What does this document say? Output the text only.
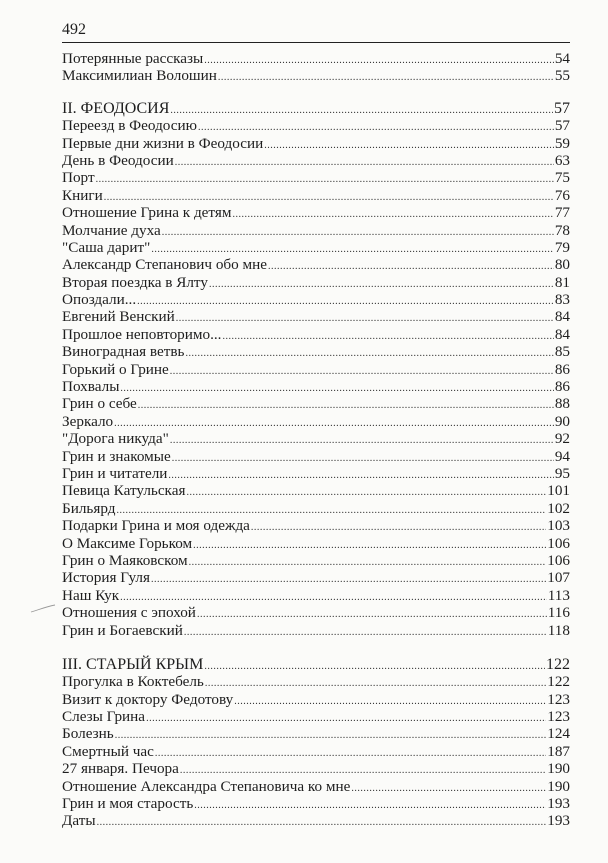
492
Потерянные рассказы .....	54
Максимилиан Волошин .....	55
II. ФЕОДОСИЯ .....	57
Переезд в Феодосию .....	57
Первые дни жизни в Феодосии .....	59
День в Феодосии .....	63
Порт .....	75
Книги .....	76
Отношение Грина к детям .....	77
Молчание духа .....	78
"Саша дарит" .....	79
Александр Степанович обо мне .....	80
Вторая поездка в Ялту .....	81
Опоздали... .....	83
Евгений Венский .....	84
Прошлое неповторимо... .....	84
Виноградная ветвь .....	85
Горький о Грине .....	86
Похвалы .....	86
Грин о себе .....	88
Зеркало .....	90
"Дорога никуда" .....	92
Грин и знакомые .....	94
Грин и читатели .....	95
Певица Катульская .....	101
Бильярд .....	102
Подарки Грина и моя одежда .....	103
О Максиме Горьком .....	106
Грин о Маяковском .....	106
История Гуля .....	107
Наш Кук .....	113
Отношения с эпохой .....	116
Грин и Богаевский .....	118
III. СТАРЫЙ КРЫМ .....	122
Прогулка в Коктебель .....	122
Визит к доктору Федотову .....	123
Слезы Грина .....	123
Болезнь .....	124
Смертный час .....	187
27 января. Печора .....	190
Отношение Александра Степановича ко мне .....	190
Грин и моя старость .....	193
Даты .....	193
